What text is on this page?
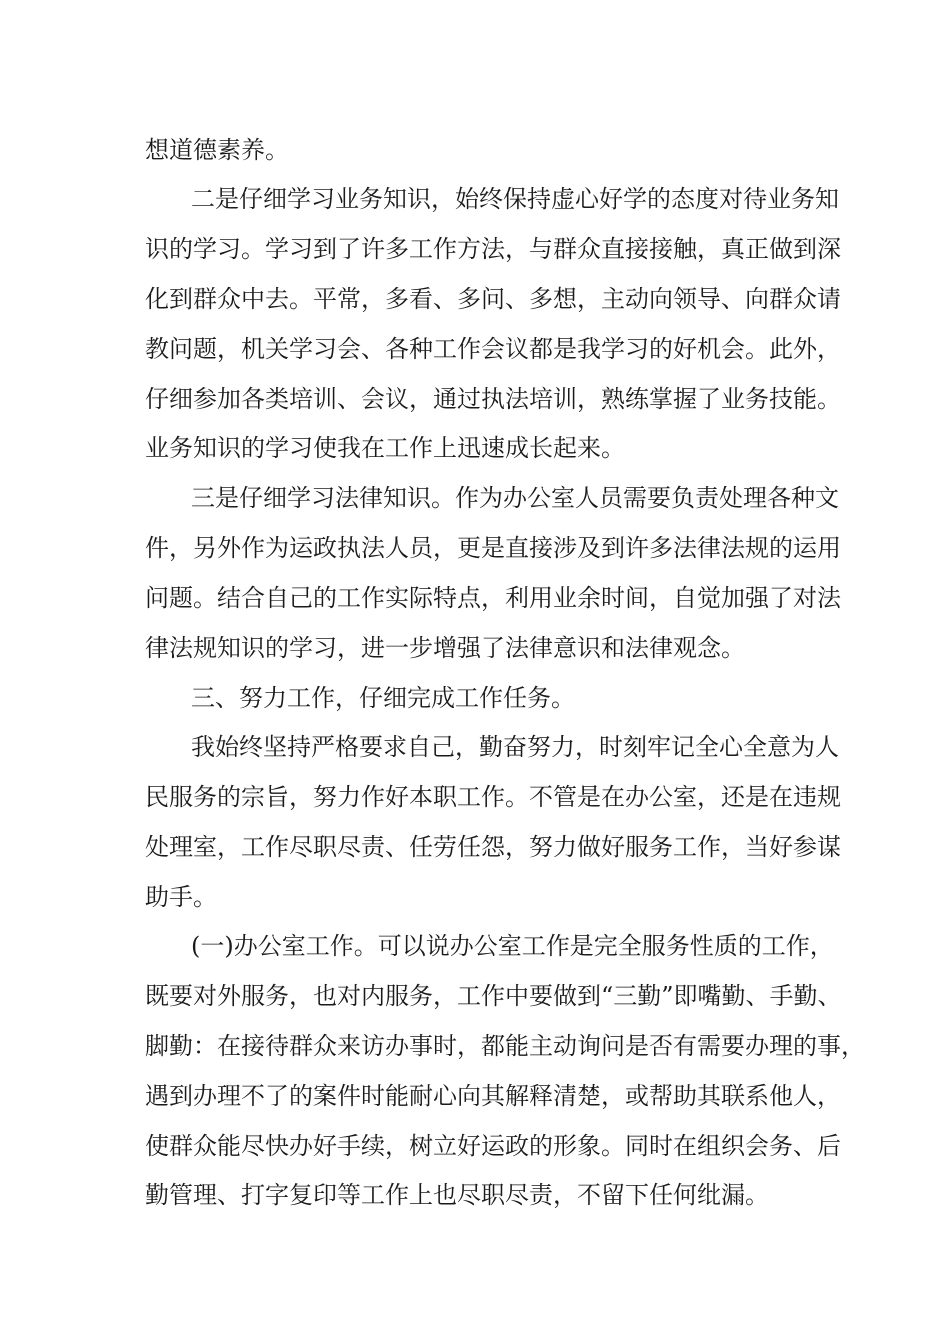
想道德素养。
二是仔细学习业务知识，始终保持虚心好学的态度对待业务知
识的学习。学习到了许多工作方法，与群众直接接触，真正做到深
化到群众中去。平常，多看、多问、多想，主动向领导、向群众请
教问题，机关学习会、各种工作会议都是我学习的好机会。此外，
仔细参加各类培训、会议，通过执法培训，熟练掌握了业务技能。
业务知识的学习使我在工作上迅速成长起来。
三是仔细学习法律知识。作为办公室人员需要负责处理各种文
件，另外作为运政执法人员，更是直接涉及到许多法律法规的运用
问题。结合自己的工作实际特点，利用业余时间，自觉加强了对法
律法规知识的学习，进一步增强了法律意识和法律观念。
三、努力工作，仔细完成工作任务。
我始终坚持严格要求自己，勤奋努力，时刻牢记全心全意为人
民服务的宗旨，努力作好本职工作。不管是在办公室，还是在违规
处理室，工作尽职尽责、任劳任怨，努力做好服务工作，当好参谋
助手。
(一)办公室工作。可以说办公室工作是完全服务性质的工作，
既要对外服务，也对内服务，工作中要做到“三勤”即嘴勤、手勤、
脚勤：在接待群众来访办事时，都能主动询问是否有需要办理的事，
遇到办理不了的案件时能耐心向其解释清楚，或帮助其联系他人，
使群众能尽快办好手续，树立好运政的形象。同时在组织会务、后
勤管理、打字复印等工作上也尽职尽责，不留下任何纰漏。
